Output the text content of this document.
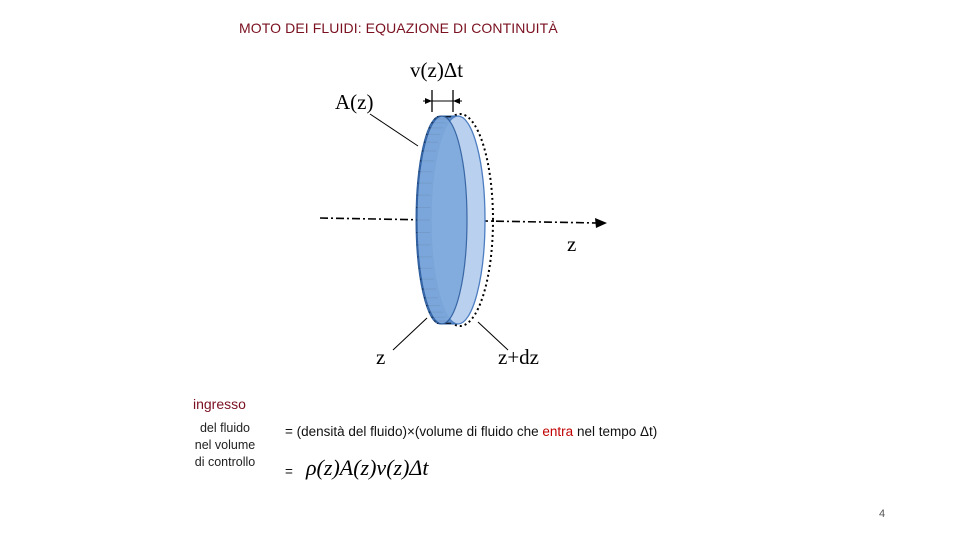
MOTO DEI FLUIDI: EQUAZIONE DI CONTINUITÀ
v(z)Δt
A(z)
z
z	z+dz
ingresso
del fluido
nel volume
di controllo
= (densità del fluido)×(volume di fluido che entra nel tempo Δt)
= ρ(z)A(z)v(z)Δt
4
